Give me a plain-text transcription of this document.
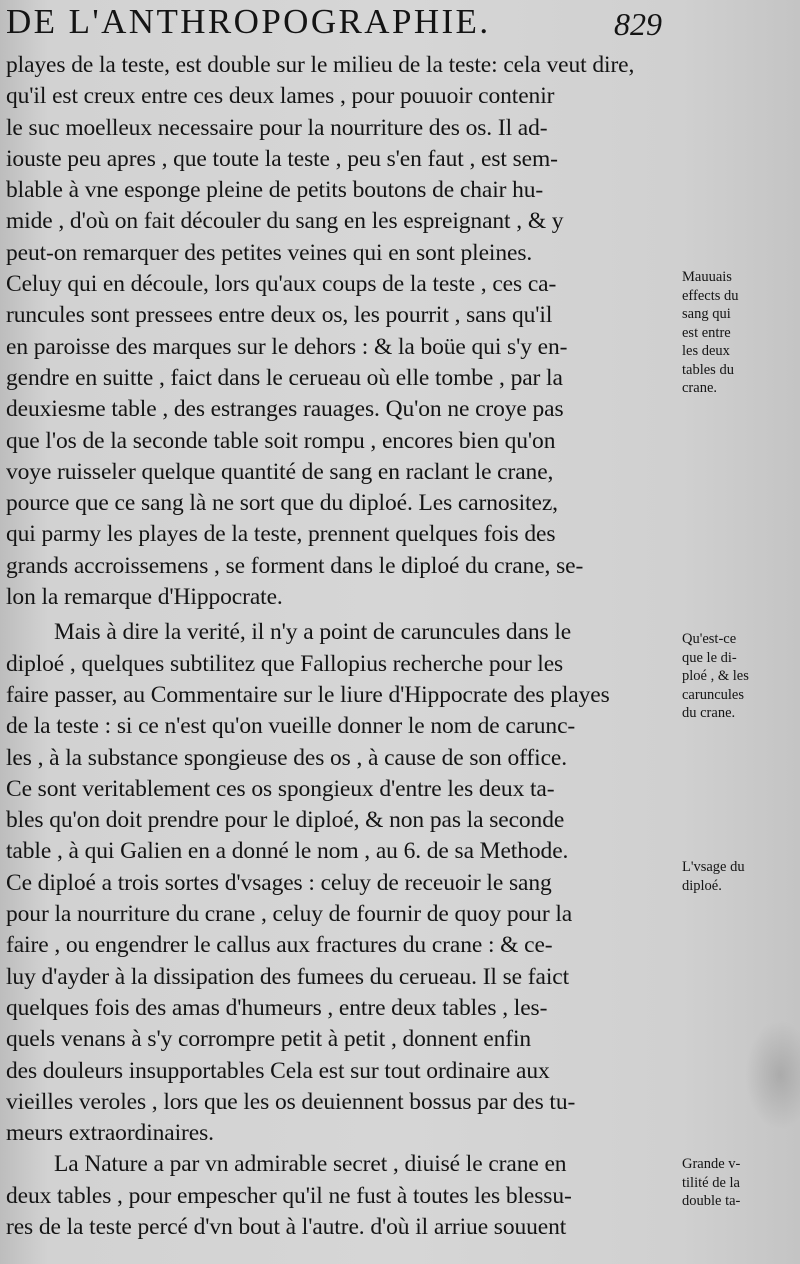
DE L'ANTHROPOGRAPHIE.	829
playes de la teste, est double sur le milieu de la teste: cela veut dire,
qu'il est creux entre ces deux lames , pour pouuoir contenir
le suc moelleux necessaire pour la nourriture des os. Il ad-
iouste peu apres , que toute la teste , peu s'en faut , est sem-
blable à vne esponge pleine de petits boutons de chair hu-
mide , d'où on fait découler du sang en les espreignant , & y
peut-on remarquer des petites veines qui en sont pleines.
Celuy qui en découle, lors qu'aux coups de la teste , ces ca-
runcules sont pressees entre deux os, les pourrit , sans qu'il
en paroisse des marques sur le dehors : & la boüe qui s'y en-
gendre en suitte , faict dans le cerueau où elle tombe , par la
deuxiesme table , des estranges rauages. Qu'on ne croye pas
que l'os de la seconde table soit rompu , encores bien qu'on
voye ruisseler quelque quantité de sang en raclant le crane,
pource que ce sang là ne sort que du diploé. Les carnositez,
qui parmy les playes de la teste, prennent quelques fois des
grands accroissemens , se forment dans le diploé du crane, se-
lon la remarque d'Hippocrate.
Mais à dire la verité, il n'y a point de caruncules dans le
diploé , quelques subtilitez que Fallopius recherche pour les
faire passer, au Commentaire sur le liure d'Hippocrate des playes
de la teste : si ce n'est qu'on vueille donner le nom de carunc-
les , à la substance spongieuse des os , à cause de son office.
Ce sont veritablement ces os spongieux d'entre les deux ta-
bles qu'on doit prendre pour le diploé, & non pas la seconde
table , à qui Galien en a donné le nom , au 6. de sa Methode.
Ce diploé a trois sortes d'vsages : celuy de receuoir le sang
pour la nourriture du crane , celuy de fournir de quoy pour la
faire , ou engendrer le callus aux fractures du crane : & ce-
luy d'ayder à la dissipation des fumees du cerueau. Il se faict
quelques fois des amas d'humeurs , entre deux tables , les-
quels venans à s'y corrompre petit à petit , donnent enfin
des douleurs insupportables Cela est sur tout ordinaire aux
vieilles veroles , lors que les os deuiennent bossus par des tu-
meurs extraordinaires.
La Nature a par vn admirable secret , diuisé le crane en
deux tables , pour empescher qu'il ne fust à toutes les blessu-
res de la teste percé d'vn bout à l'autre. d'où il arriue souuent
Mauuais
effects du
sang qui
est entre
les deux
tables du
crane.
Qu'est-ce
que le di-
ploé , & les
caruncules
du crane.
L'vsage du
diploé.
Grande v-
tilité de la
double ta-
